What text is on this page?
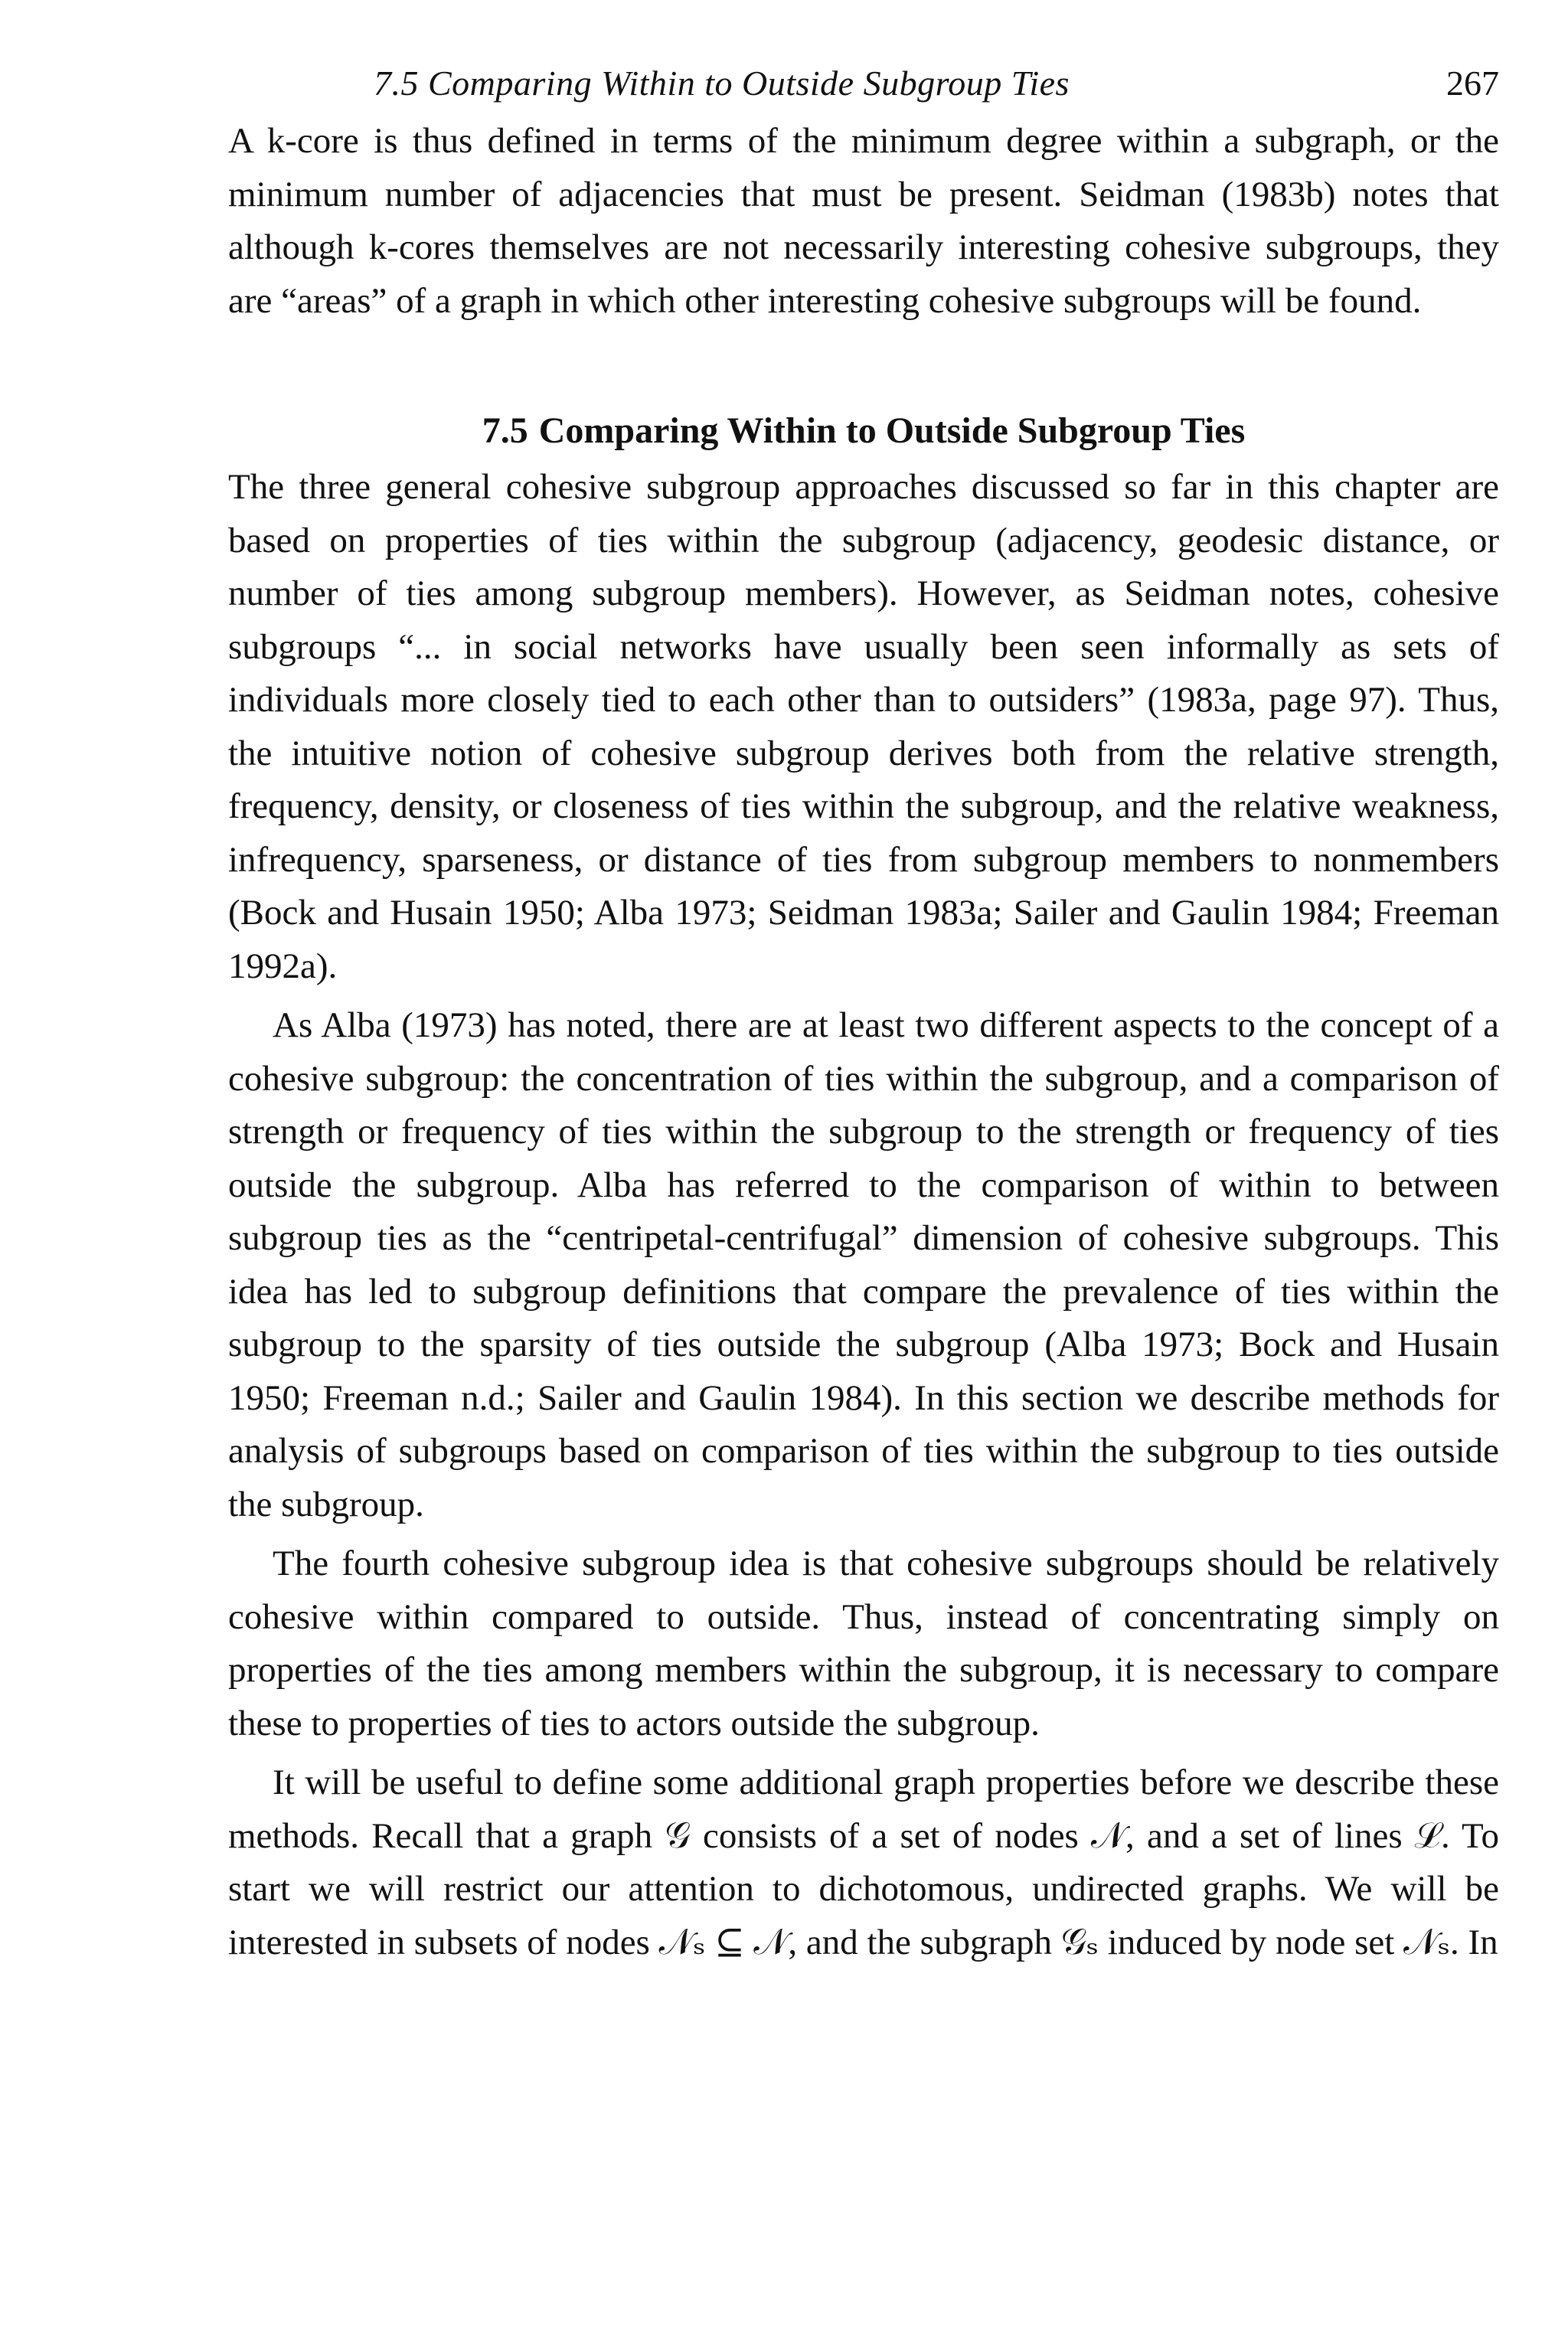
7.5 Comparing Within to Outside Subgroup Ties	267

A k-core is thus defined in terms of the minimum degree within a subgraph, or the minimum number of adjacencies that must be present. Seidman (1983b) notes that although k-cores themselves are not necessarily interesting cohesive subgroups, they are “areas” of a graph in which other interesting cohesive subgroups will be found.

7.5 Comparing Within to Outside Subgroup Ties

The three general cohesive subgroup approaches discussed so far in this chapter are based on properties of ties within the subgroup (adjacency, geodesic distance, or number of ties among subgroup members). However, as Seidman notes, cohesive subgroups “... in social networks have usually been seen informally as sets of individuals more closely tied to each other than to outsiders” (1983a, page 97). Thus, the intuitive notion of cohesive subgroup derives both from the relative strength, frequency, density, or closeness of ties within the subgroup, and the relative weakness, infrequency, sparseness, or distance of ties from subgroup members to nonmembers (Bock and Husain 1950; Alba 1973; Seidman 1983a; Sailer and Gaulin 1984; Freeman 1992a).

As Alba (1973) has noted, there are at least two different aspects to the concept of a cohesive subgroup: the concentration of ties within the subgroup, and a comparison of strength or frequency of ties within the subgroup to the strength or frequency of ties outside the subgroup. Alba has referred to the comparison of within to between subgroup ties as the “centripetal-centrifugal” dimension of cohesive subgroups. This idea has led to subgroup definitions that compare the prevalence of ties within the subgroup to the sparsity of ties outside the subgroup (Alba 1973; Bock and Husain 1950; Freeman n.d.; Sailer and Gaulin 1984). In this section we describe methods for analysis of subgroups based on comparison of ties within the subgroup to ties outside the subgroup.

The fourth cohesive subgroup idea is that cohesive subgroups should be relatively cohesive within compared to outside. Thus, instead of concentrating simply on properties of the ties among members within the subgroup, it is necessary to compare these to properties of ties to actors outside the subgroup.

It will be useful to define some additional graph properties before we describe these methods. Recall that a graph 𝒢 consists of a set of nodes 𝒩, and a set of lines ℒ. To start we will restrict our attention to dichotomous, undirected graphs. We will be interested in subsets of nodes 𝒩ₛ ⊆ 𝒩, and the subgraph 𝒢ₛ induced by node set 𝒩ₛ. In
